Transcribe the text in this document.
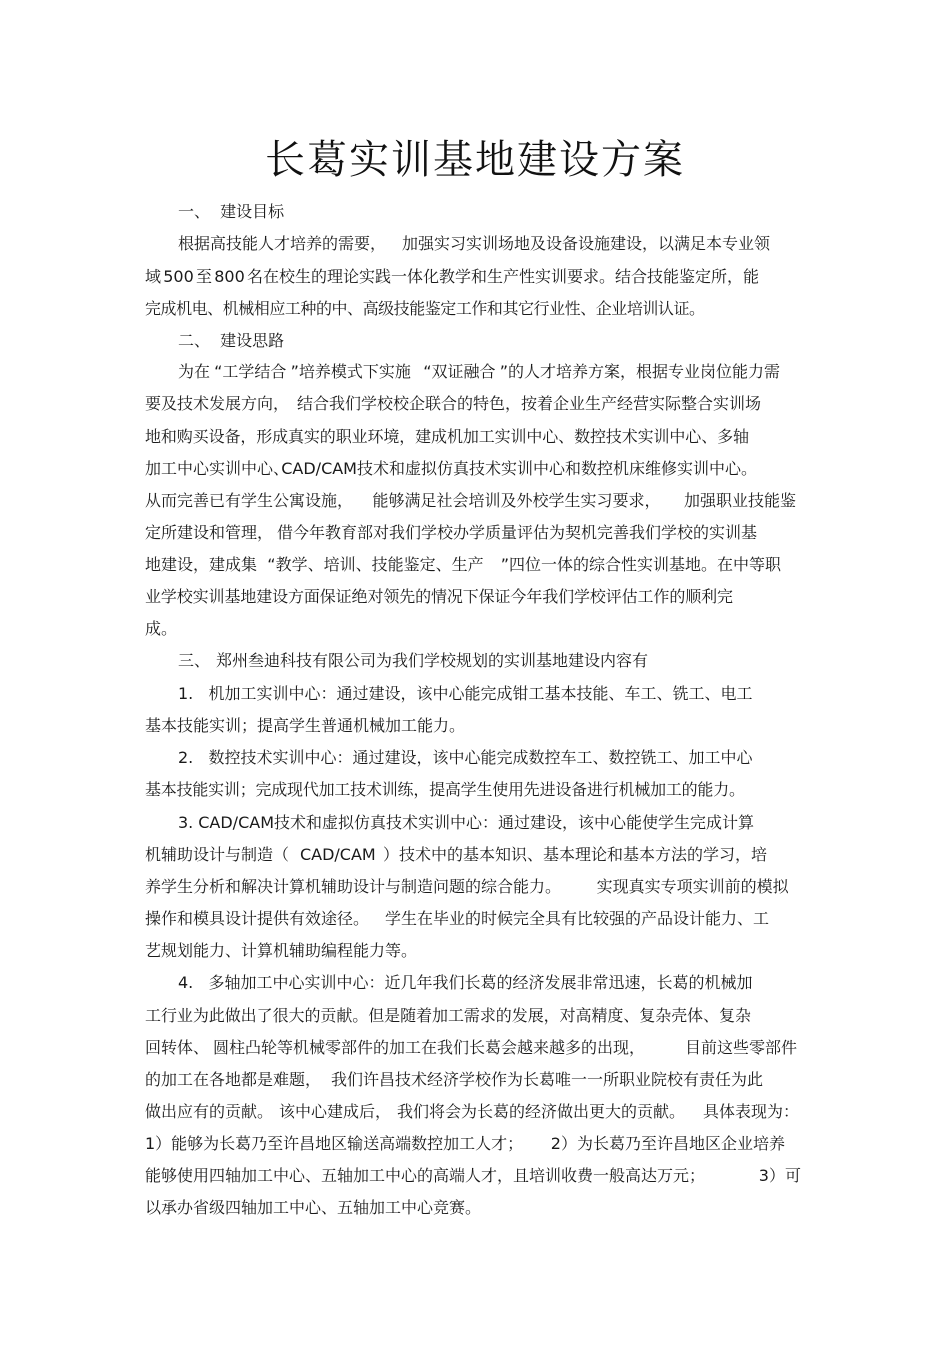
长葛实训基地建设方案
一、  建设目标
根据高技能人才培养的需要，     加强实习实训场地及设备设施建设，以满足本专业领
域 500 至 800 名在校生的理论实践一体化教学和生产性实训要求。结合技能鉴定所，能
完成机电、机械相应工种的中、高级技能鉴定工作和其它行业性、企业培训认证。
二、  建设思路
为在 “工学结合 ”培养模式下实施   “双证融合 ”的人才培养方案，根据专业岗位能力需
要及技术发展方向，     结合我们学校校企联合的特色，按着企业生产经营实际整合实训场
地和购买设备，形成真实的职业环境，建成机加工实训中心、数控技术实训中心、多轴
加工中心实训中心、    CAD/CAM技术和虚拟仿真技术实训中心和数控机床维修实训中心。
从而完善已有学生公寓设施，     能够满足社会培训及外校学生实习要求，      加强职业技能鉴
定所建设和管理，    借今年教育部对我们学校办学质量评估为契机完善我们学校的实训基
地建设，建成集   “教学、培训、技能鉴定、生产     ”四位一体的综合性实训基地。在中等职
业学校实训基地建设方面保证绝对领先的情况下保证今年我们学校评估工作的顺利完
成。
三、  郑州叁迪科技有限公司为我们学校规划的实训基地建设内容有
1.   机加工实训中心：通过建设，该中心能完成钳工基本技能、车工、铣工、电工
基本技能实训；提高学生普通机械加工能力。
2.   数控技术实训中心：通过建设，该中心能完成数控车工、数控铣工、加工中心
基本技能实训；完成现代加工技术训练，提高学生使用先进设备进行机械加工的能力。
3.   CAD/CAM技术和虚拟仿真技术实训中心：通过建设，该中心能使学生完成计算
机辅助设计与制造（   CAD/CAM  ）技术中的基本知识、基本理论和基本方法的学习，培
养学生分析和解决计算机辅助设计与制造问题的综合能力。       实现真实专项实训前的模拟
操作和模具设计提供有效途径。     学生在毕业的时候完全具有比较强的产品设计能力、工
艺规划能力、计算机辅助编程能力等。
4.   多轴加工中心实训中心：近几年我们长葛的经济发展非常迅速，长葛的机械加
工行业为此做出了很大的贡献。但是随着加工需求的发展，对高精度、复杂壳体、复杂
回转体、 圆柱凸轮等机械零部件的加工在我们长葛会越来越多的出现，          目前这些零部件
的加工在各地都是难题，     我们许昌技术经济学校作为长葛唯一一所职业院校有责任为此
做出应有的贡献。  该中心建成后，  我们将会为长葛的经济做出更大的贡献。      具体表现为：
1）能够为长葛乃至许昌地区输送高端数控加工人才；        2）为长葛乃至许昌地区企业培养
能够使用四轴加工中心、五轴加工中心的高端人才，且培训收费一般高达万元；             3）可
以承办省级四轴加工中心、五轴加工中心竞赛。
